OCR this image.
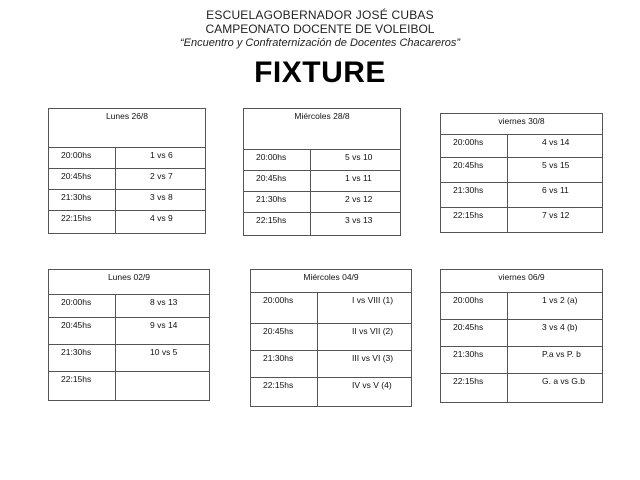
ESCUELAGOBERNADOR JOSÉ CUBAS
CAMPEONATO DOCENTE DE VOLEIBOL
“Encuentro y Confraternización de Docentes Chacareros”
FIXTURE
Lunes 26/8	
20:00hs	1 vs 6
20:45hs	2 vs 7
21:30hs	3 vs 8
22:15hs	4 vs 9
Miércoles 28/8	
20:00hs	5 vs 10
20:45hs	1 vs 11
21:30hs	2 vs 12
22:15hs	3 vs 13
viernes 30/8	
20:00hs	4 vs 14
20:45hs	5 vs 15
21:30hs	6 vs 11
22:15hs	7 vs 12
Lunes 02/9	
20:00hs	8 vs 13
20:45hs	9 vs 14
21:30hs	10 vs 5
22:15hs	
Miércoles 04/9	
20:00hs	I vs VIII (1)
20:45hs	II vs VII (2)
21:30hs	III vs VI (3)
22:15hs	IV vs V (4)
viernes 06/9	
20:00hs	1 vs 2 (a)
20:45hs	3 vs 4 (b)
21:30hs	P.a vs P. b
22:15hs	G. a vs G.b
